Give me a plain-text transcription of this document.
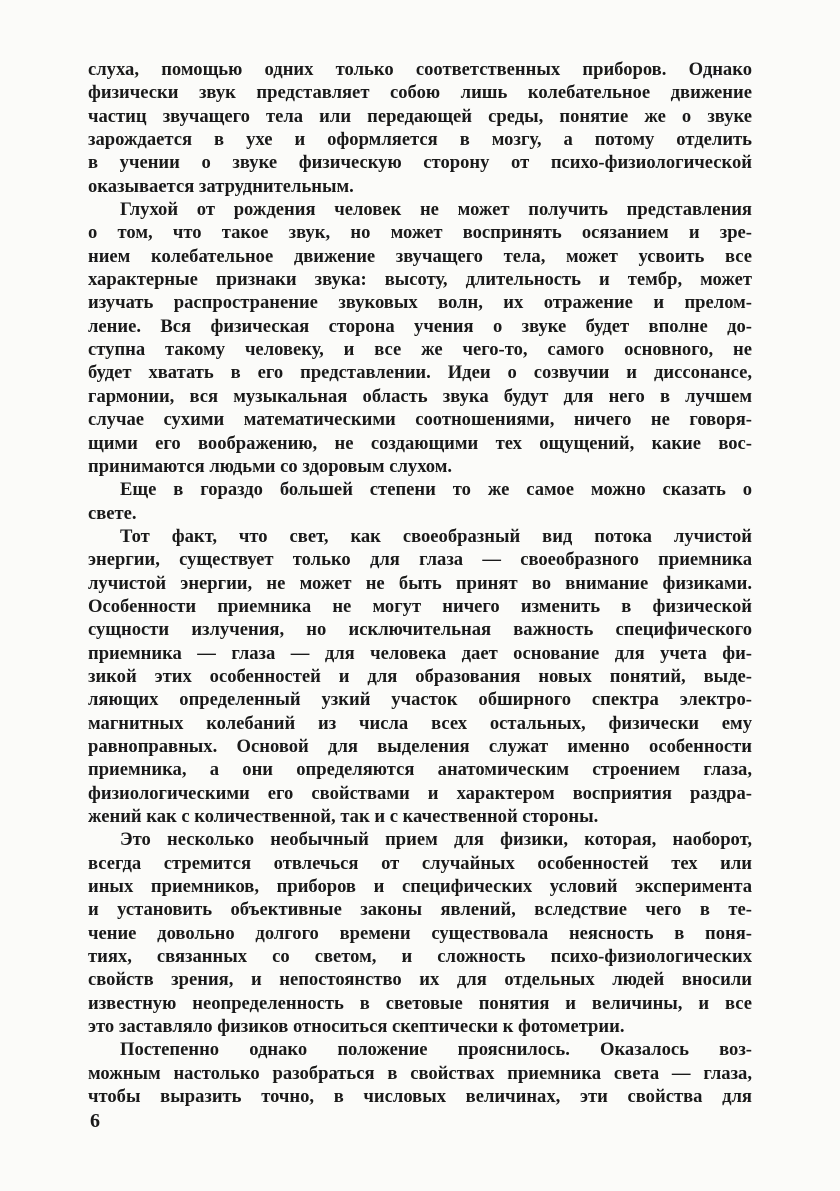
слуха, помощью одних только соответственных приборов. Однако
физически звук представляет собою лишь колебательное движение
частиц звучащего тела или передающей среды, понятие же о звуке
зарождается в ухе и оформляется в мозгу, а потому отделить
в учении о звуке физическую сторону от психо-физиологической
оказывается затруднительным.
Глухой от рождения человек не может получить представления
о том, что такое звук, но может воспринять осязанием и зре-
нием колебательное движение звучащего тела, может усвоить все
характерные признаки звука: высоту, длительность и тембр, может
изучать распространение звуковых волн, их отражение и прелом-
ление. Вся физическая сторона учения о звуке будет вполне до-
ступна такому человеку, и все же чего-то, самого основного, не
будет хватать в его представлении. Идеи о созвучии и диссонансе,
гармонии, вся музыкальная область звука будут для него в лучшем
случае сухими математическими соотношениями, ничего не говоря-
щими его воображению, не создающими тех ощущений, какие вос-
принимаются людьми со здоровым слухом.
Еще в гораздо большей степени то же самое можно сказать о
свете.
Тот факт, что свет, как своеобразный вид потока лучистой
энергии, существует только для глаза — своеобразного приемника
лучистой энергии, не может не быть принят во внимание физиками.
Особенности приемника не могут ничего изменить в физической
сущности излучения, но исключительная важность специфического
приемника — глаза — для человека дает основание для учета фи-
зикой этих особенностей и для образования новых понятий, выде-
ляющих определенный узкий участок обширного спектра электро-
магнитных колебаний из числа всех остальных, физически ему
равноправных. Основой для выделения служат именно особенности
приемника, а они определяются анатомическим строением глаза,
физиологическими его свойствами и характером восприятия раздра-
жений как с количественной, так и с качественной стороны.
Это несколько необычный прием для физики, которая, наоборот,
всегда стремится отвлечься от случайных особенностей тех или
иных приемников, приборов и специфических условий эксперимента
и установить объективные законы явлений, вследствие чего в те-
чение довольно долгого времени существовала неясность в поня-
тиях, связанных со светом, и сложность психо-физиологических
свойств зрения, и непостоянство их для отдельных людей вносили
известную неопределенность в световые понятия и величины, и все
это заставляло физиков относиться скептически к фотометрии.
Постепенно однако положение прояснилось. Оказалось воз-
можным настолько разобраться в свойствах приемника света — глаза,
чтобы выразить точно, в числовых величинах, эти свойства для
6
